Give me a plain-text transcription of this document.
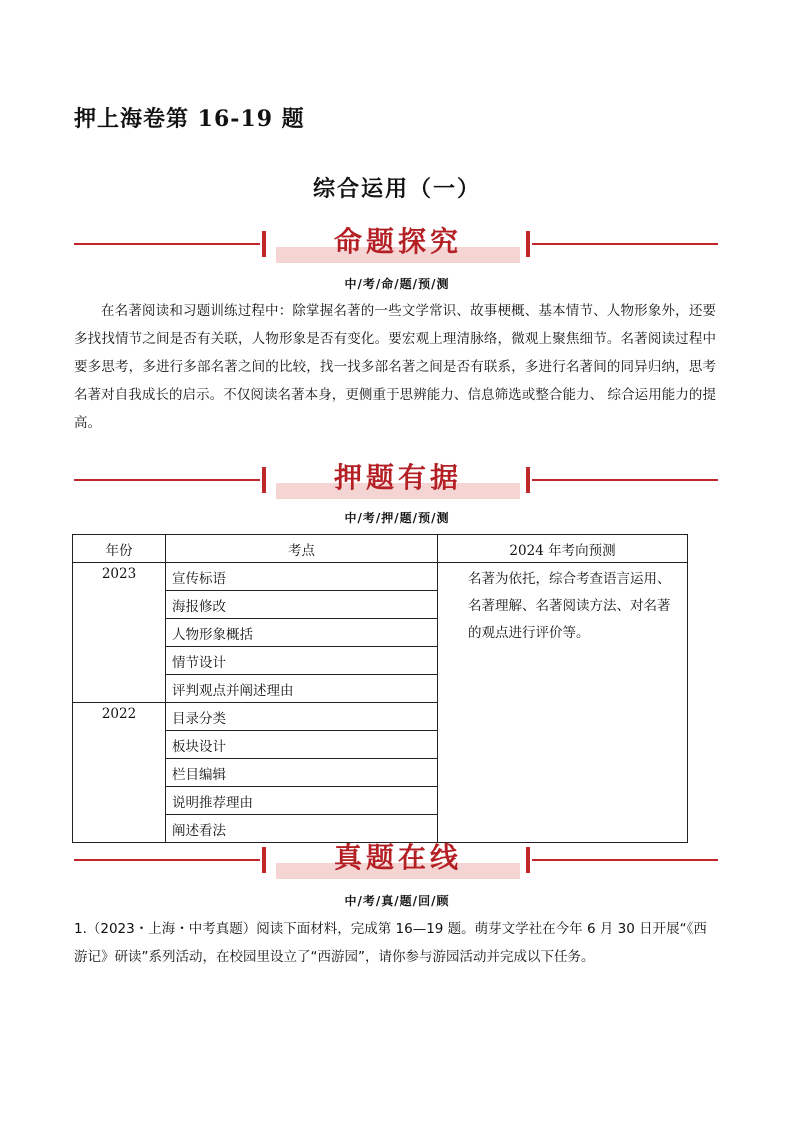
押上海卷第 16-19 题
综合运用（一）
命题探究
中/考/命/题/预/测

在名著阅读和习题训练过程中：除掌握名著的一些文学常识、故事梗概、基本情节、人物形象外，还要多找找情节之间是否有关联，人物形象是否有变化。要宏观上理清脉络，微观上聚焦细节。名著阅读过程中要多思考，多进行多部名著之间的比较，找一找多部名著之间是否有联系，多进行名著间的同异归纳，思考名著对自我成长的启示。不仅阅读名著本身，更侧重于思辨能力、信息筛选或整合能力、 综合运用能力的提高。

押题有据
中/考/押/题/预/测
年份	考点	2024 年考向预测
2023	宣传标语	名著为依托，综合考查语言运用、名著理解、名著阅读方法、对名著的观点进行评价等。
	海报修改	
	人物形象概括	
	情节设计	
	评判观点并阐述理由	
2022	目录分类	
	板块设计	
	栏目编辑	
	说明推荐理由	
	阐述看法	
真题在线
中/考/真/题/回/顾

1.（2023・上海・中考真题）阅读下面材料，完成第 16—19 题。萌芽文学社在今年 6 月 30 日开展“《西游记》研读”系列活动，在校园里设立了“西游园”，请你参与游园活动并完成以下任务。
